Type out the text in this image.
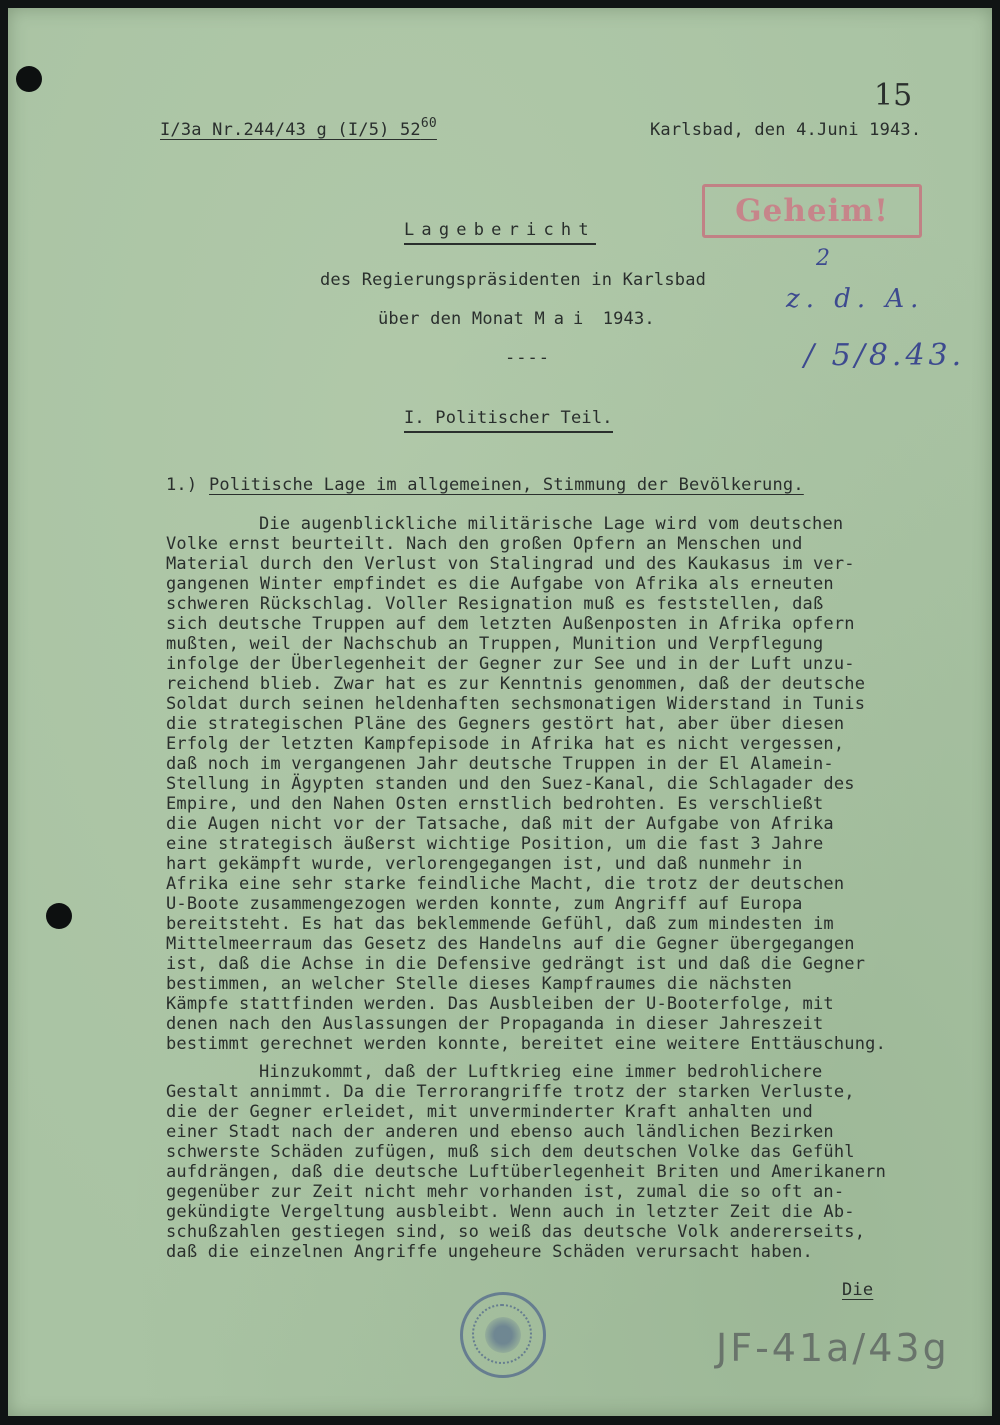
15
I/3a Nr.244/43 g (I/5) $52^{60}$	Karlsbad, den 4.Juni 1943.
Geheim!
Lagebericht
des Regierungspräsidenten in Karlsbad
über den Monat Mai 1943.
----
I. Politischer Teil.
1.) Politische Lage im allgemeinen, Stimmung der Bevölkerung.
Die augenblickliche militärische Lage wird vom deutschen
Volke ernst beurteilt. Nach den großen Opfern an Menschen und
Material durch den Verlust von Stalingrad und des Kaukasus im ver-
gangenen Winter empfindet es die Aufgabe von Afrika als erneuten
schweren Rückschlag. Voller Resignation muß es feststellen, daß
sich deutsche Truppen auf dem letzten Außenposten in Afrika opfern
mußten, weil der Nachschub an Truppen, Munition und Verpflegung
infolge der Überlegenheit der Gegner zur See und in der Luft unzu-
reichend blieb. Zwar hat es zur Kenntnis genommen, daß der deutsche
Soldat durch seinen heldenhaften sechsmonatigen Widerstand in Tunis
die strategischen Pläne des Gegners gestört hat, aber über diesen
Erfolg der letzten Kampfepisode in Afrika hat es nicht vergessen,
daß noch im vergangenen Jahr deutsche Truppen in der El Alamein-
Stellung in Ägypten standen und den Suez-Kanal, die Schlagader des
Empire, und den Nahen Osten ernstlich bedrohten. Es verschließt
die Augen nicht vor der Tatsache, daß mit der Aufgabe von Afrika
eine strategisch äußerst wichtige Position, um die fast 3 Jahre
hart gekämpft wurde, verlorengegangen ist, und daß nunmehr in
Afrika eine sehr starke feindliche Macht, die trotz der deutschen
U-Boote zusammengezogen werden konnte, zum Angriff auf Europa
bereitsteht. Es hat das beklemmende Gefühl, daß zum mindesten im
Mittelmeerraum das Gesetz des Handelns auf die Gegner übergegangen
ist, daß die Achse in die Defensive gedrängt ist und daß die Gegner
bestimmen, an welcher Stelle dieses Kampfraumes die nächsten
Kämpfe stattfinden werden. Das Ausbleiben der U-Booterfolge, mit
denen nach den Auslassungen der Propaganda in dieser Jahreszeit
bestimmt gerechnet werden konnte, bereitet eine weitere Enttäuschung.
Hinzukommt, daß der Luftkrieg eine immer bedrohlichere
Gestalt annimmt. Da die Terrorangriffe trotz der starken Verluste,
die der Gegner erleidet, mit unverminderter Kraft anhalten und
einer Stadt nach der anderen und ebenso auch ländlichen Bezirken
schwerste Schäden zufügen, muß sich dem deutschen Volke das Gefühl
aufdrängen, daß die deutsche Luftüberlegenheit Briten und Amerikanern
gegenüber zur Zeit nicht mehr vorhanden ist, zumal die so oft an-
gekündigte Vergeltung ausbleibt. Wenn auch in letzter Zeit die Ab-
schußzahlen gestiegen sind, so weiß das deutsche Volk andererseits,
daß die einzelnen Angriffe ungeheure Schäden verursacht haben.
Die
2
z. d. A.
/ 5/8.43.
JF-41a/43g
